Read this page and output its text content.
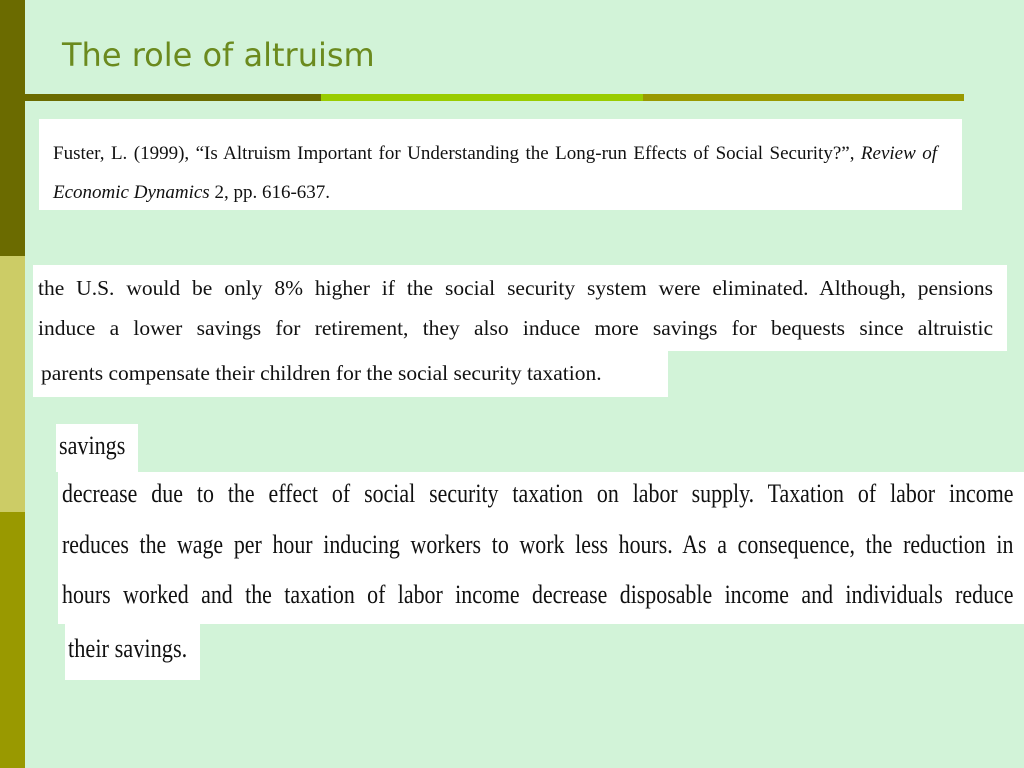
The role of altruism
Fuster, L. (1999), “Is Altruism Important for Understanding the Long-run Effects of Social Security?”, Review of Economic Dynamics 2, pp. 616-637.
the U.S. would be only 8% higher if the social security system were eliminated. Although, pensions
induce a lower savings for retirement, they also induce more savings for bequests since altruistic
parents compensate their children for the social security taxation.
savings
decrease due to the effect of social security taxation on labor supply. Taxation of labor income
reduces the wage per hour inducing workers to work less hours. As a consequence, the reduction in
hours worked and the taxation of labor income decrease disposable income and individuals reduce
their savings.
